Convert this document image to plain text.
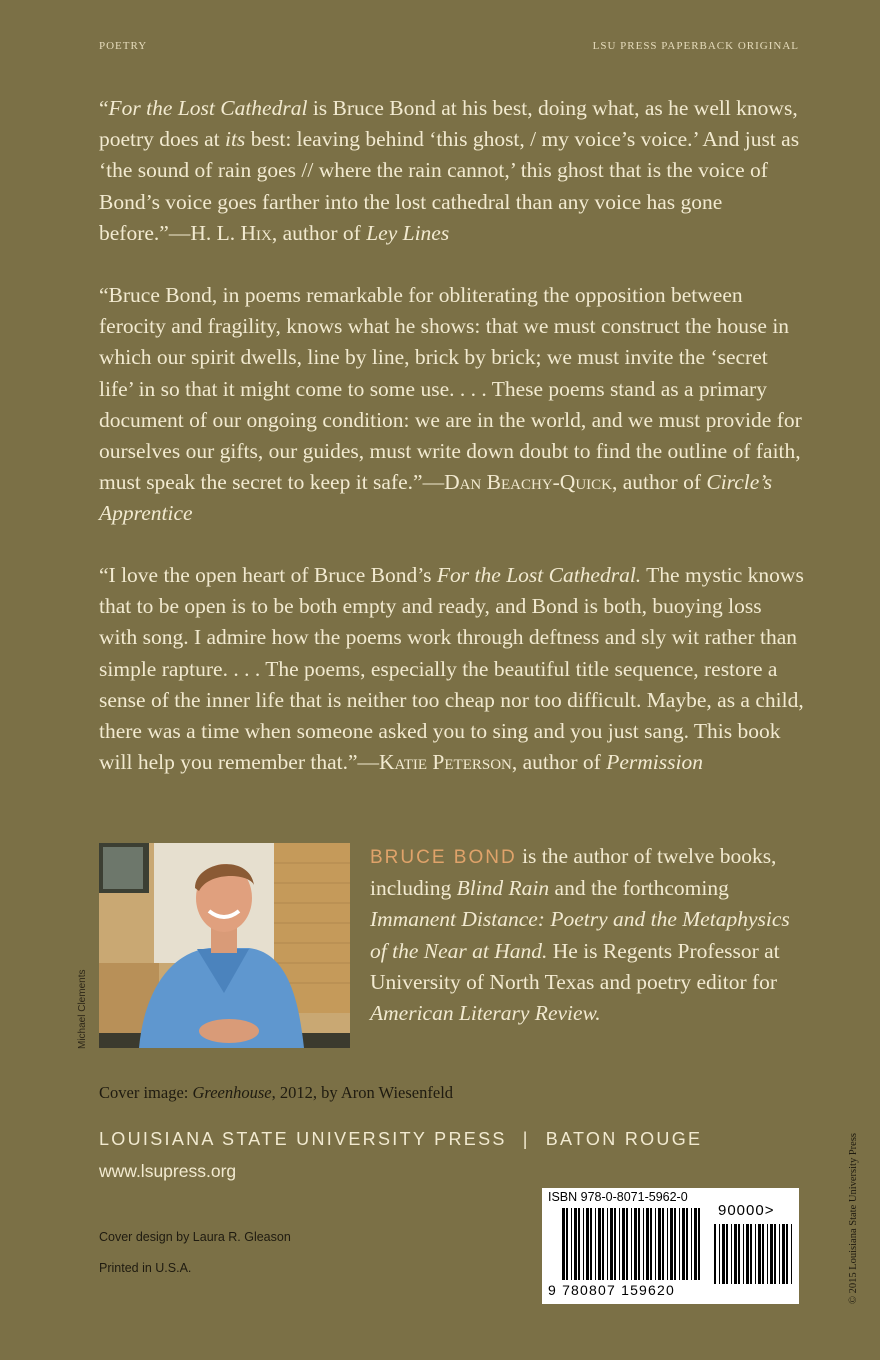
POETRY	LSU PRESS PAPERBACK ORIGINAL

“For the Lost Cathedral is Bruce Bond at his best, doing what, as he well knows, poetry does at its best: leaving behind ‘this ghost, / my voice’s voice.’ And just as ‘the sound of rain goes // where the rain cannot,’ this ghost that is the voice of Bond’s voice goes farther into the lost cathedral than any voice has gone before.”—H. L. Hix, author of Ley Lines

“Bruce Bond, in poems remarkable for obliterating the opposition between ferocity and fragility, knows what he shows: that we must construct the house in which our spirit dwells, line by line, brick by brick; we must invite the ‘secret life’ in so that it might come to some use. . . . These poems stand as a primary document of our ongoing condition: we are in the world, and we must provide for ourselves our gifts, our guides, must write down doubt to find the outline of faith, must speak the secret to keep it safe.”—Dan Beachy-Quick, author of Circle’s Apprentice

“I love the open heart of Bruce Bond’s For the Lost Cathedral. The mystic knows that to be open is to be both empty and ready, and Bond is both, buoying loss with song. I admire how the poems work through deftness and sly wit rather than simple rapture. . . . The poems, especially the beautiful title sequence, restore a sense of the inner life that is neither too cheap nor too difficult. Maybe, as a child, there was a time when someone asked you to sing and you just sang. This book will help you remember that.”—Katie Peterson, author of Permission

Michael Clements

BRUCE BOND is the author of twelve books, including Blind Rain and the forthcoming Immanent Distance: Poetry and the Metaphysics of the Near at Hand. He is Regents Professor at University of North Texas and poetry editor for American Literary Review.

Cover image: Greenhouse, 2012, by Aron Wiesenfeld
LOUISIANA STATE UNIVERSITY PRESS | BATON ROUGE
www.lsupress.org
Cover design by Laura R. Gleason
Printed in U.S.A.	© 2015 Louisiana State University Press
ISBN 978-0-8071-5962-0
90000>
9 780807 159620
